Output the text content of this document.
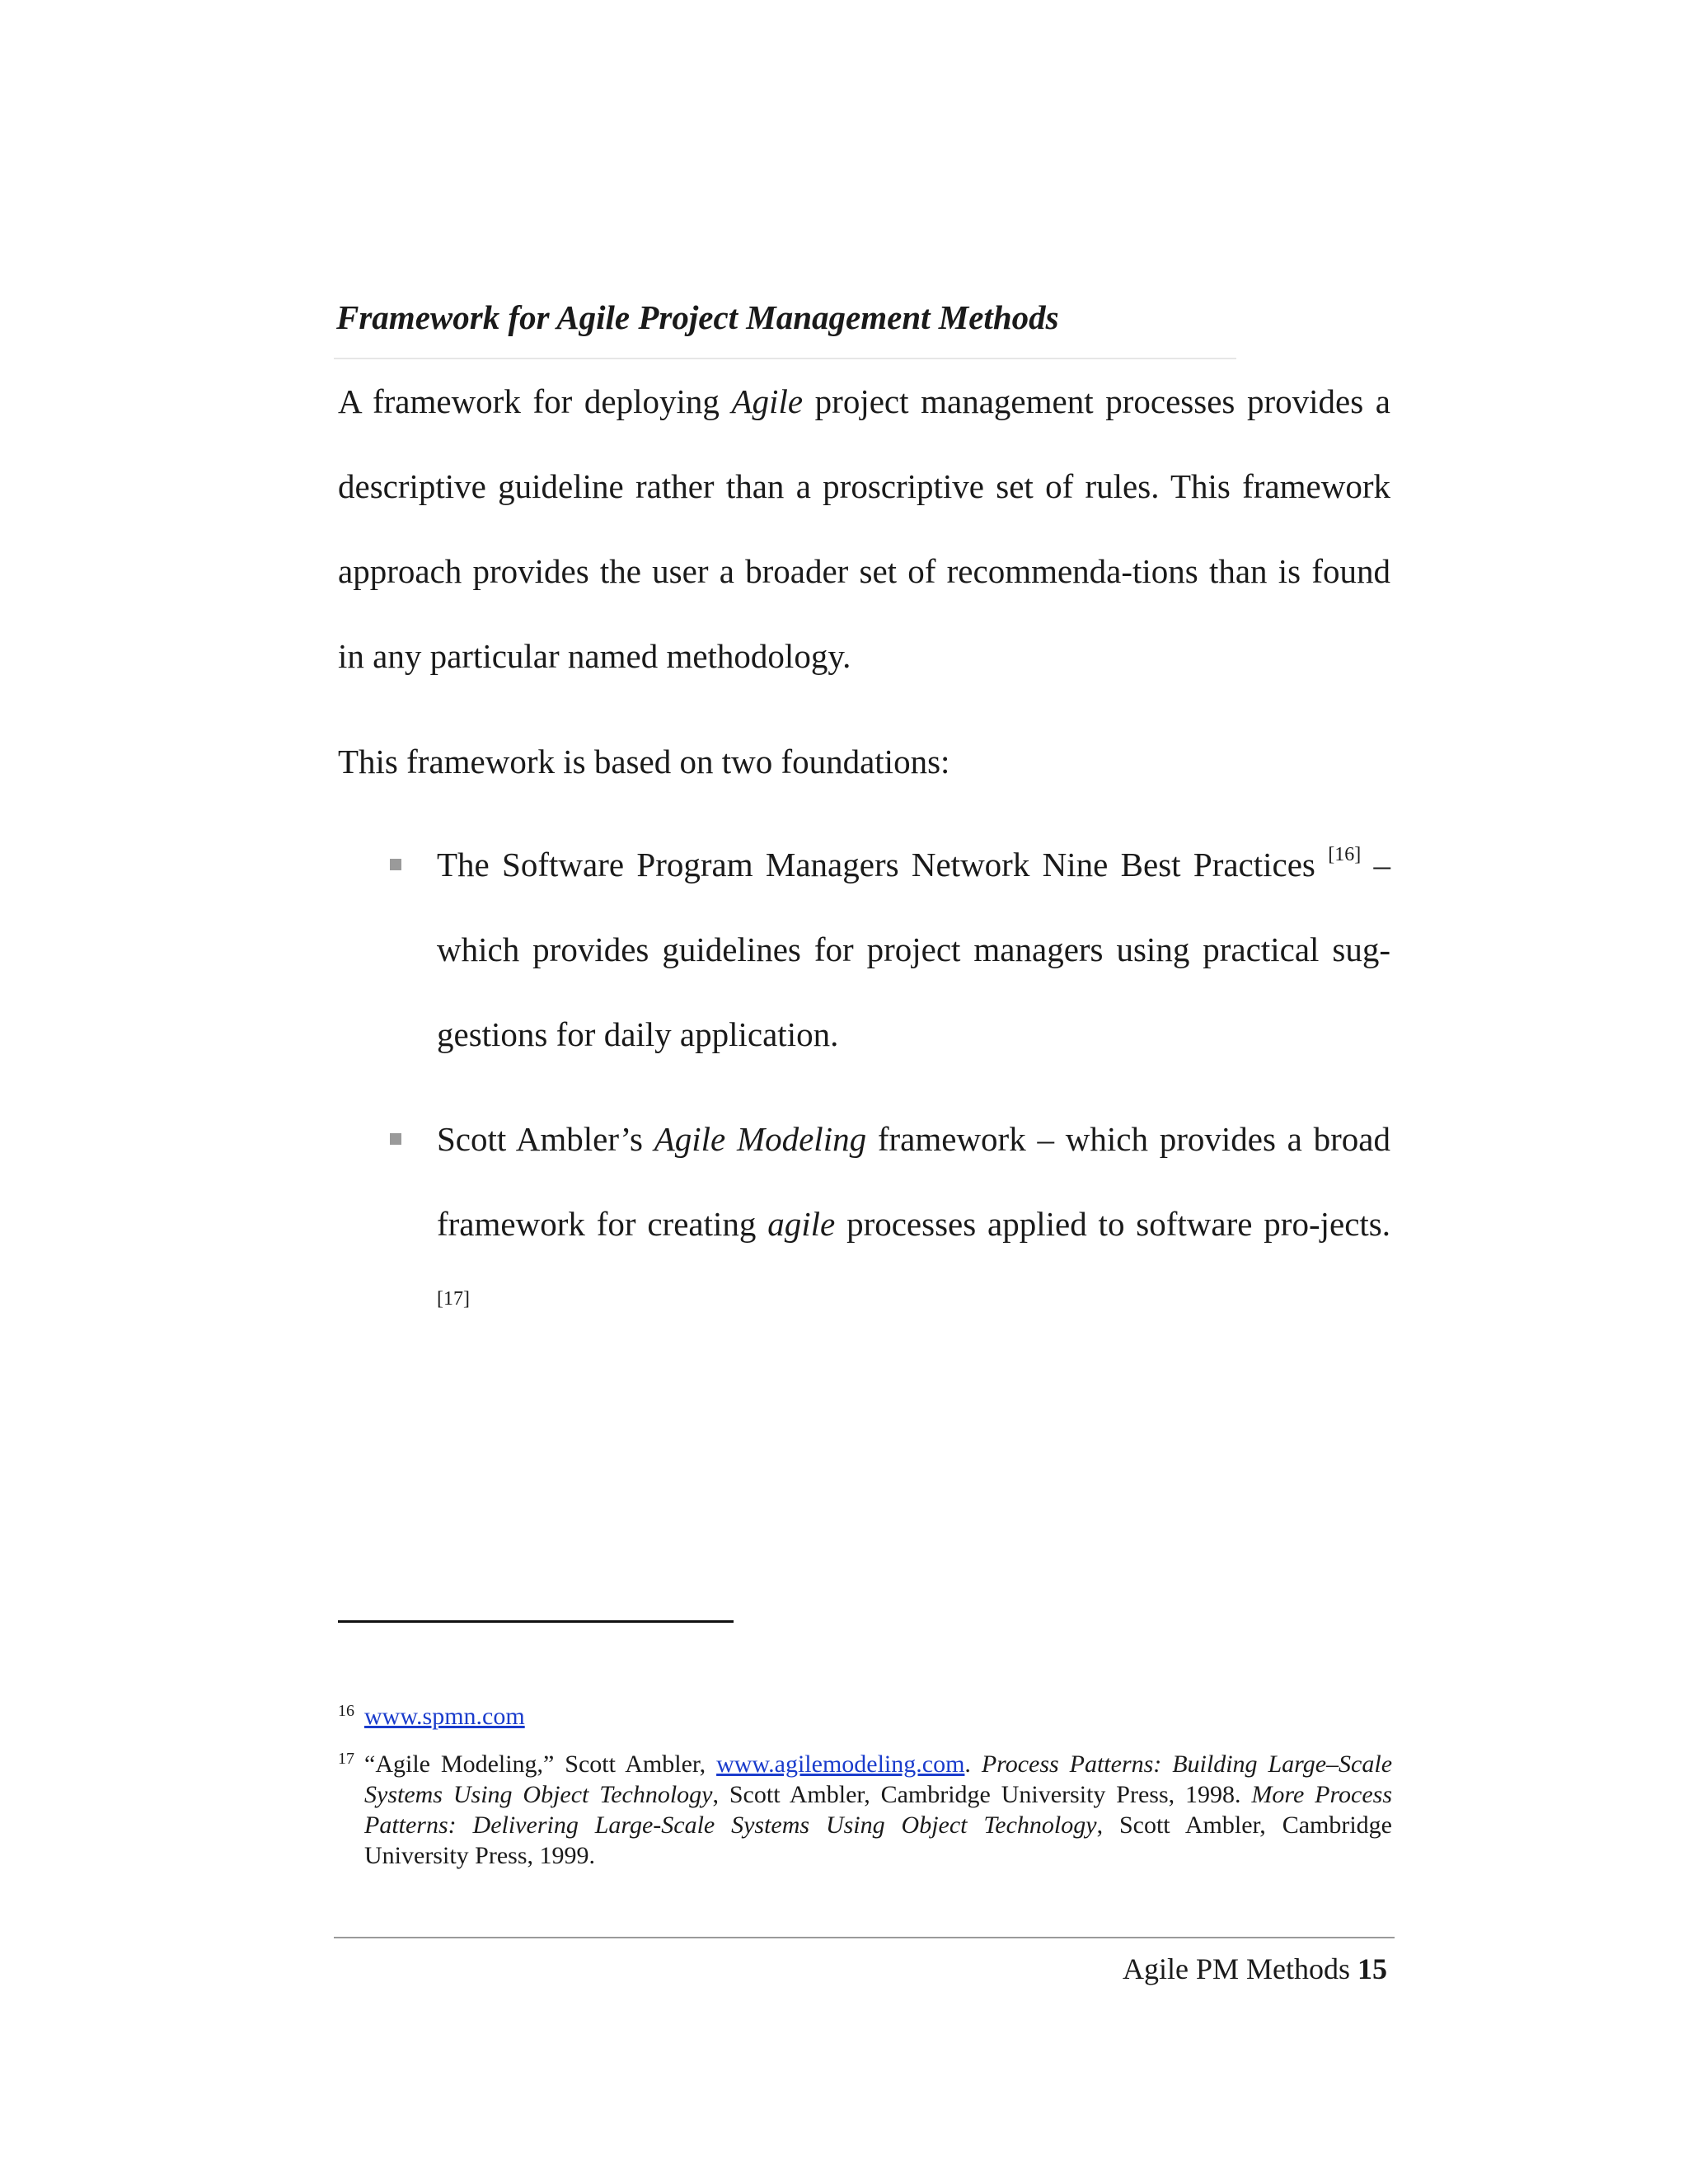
Framework for Agile Project Management Methods

A framework for deploying Agile project management processes provides a descriptive guideline rather than a proscriptive set of rules. This framework approach provides the user a broader set of recommenda-tions than is found in any particular named methodology.

This framework is based on two foundations:

The Software Program Managers Network Nine Best Practices [16] – which provides guidelines for project managers using practical sug-gestions for daily application.
Scott Ambler’s Agile Modeling framework – which provides a broad framework for creating agile processes applied to software pro-jects. [17]

16 www.spmn.com

17 “Agile Modeling,” Scott Ambler, www.agilemodeling.com. Process Patterns: Building Large–Scale Systems Using Object Technology, Scott Ambler, Cambridge University Press, 1998. More Process Patterns: Delivering Large-Scale Systems Using Object Technology, Scott Ambler, Cambridge University Press, 1999.

Agile PM Methods 15
